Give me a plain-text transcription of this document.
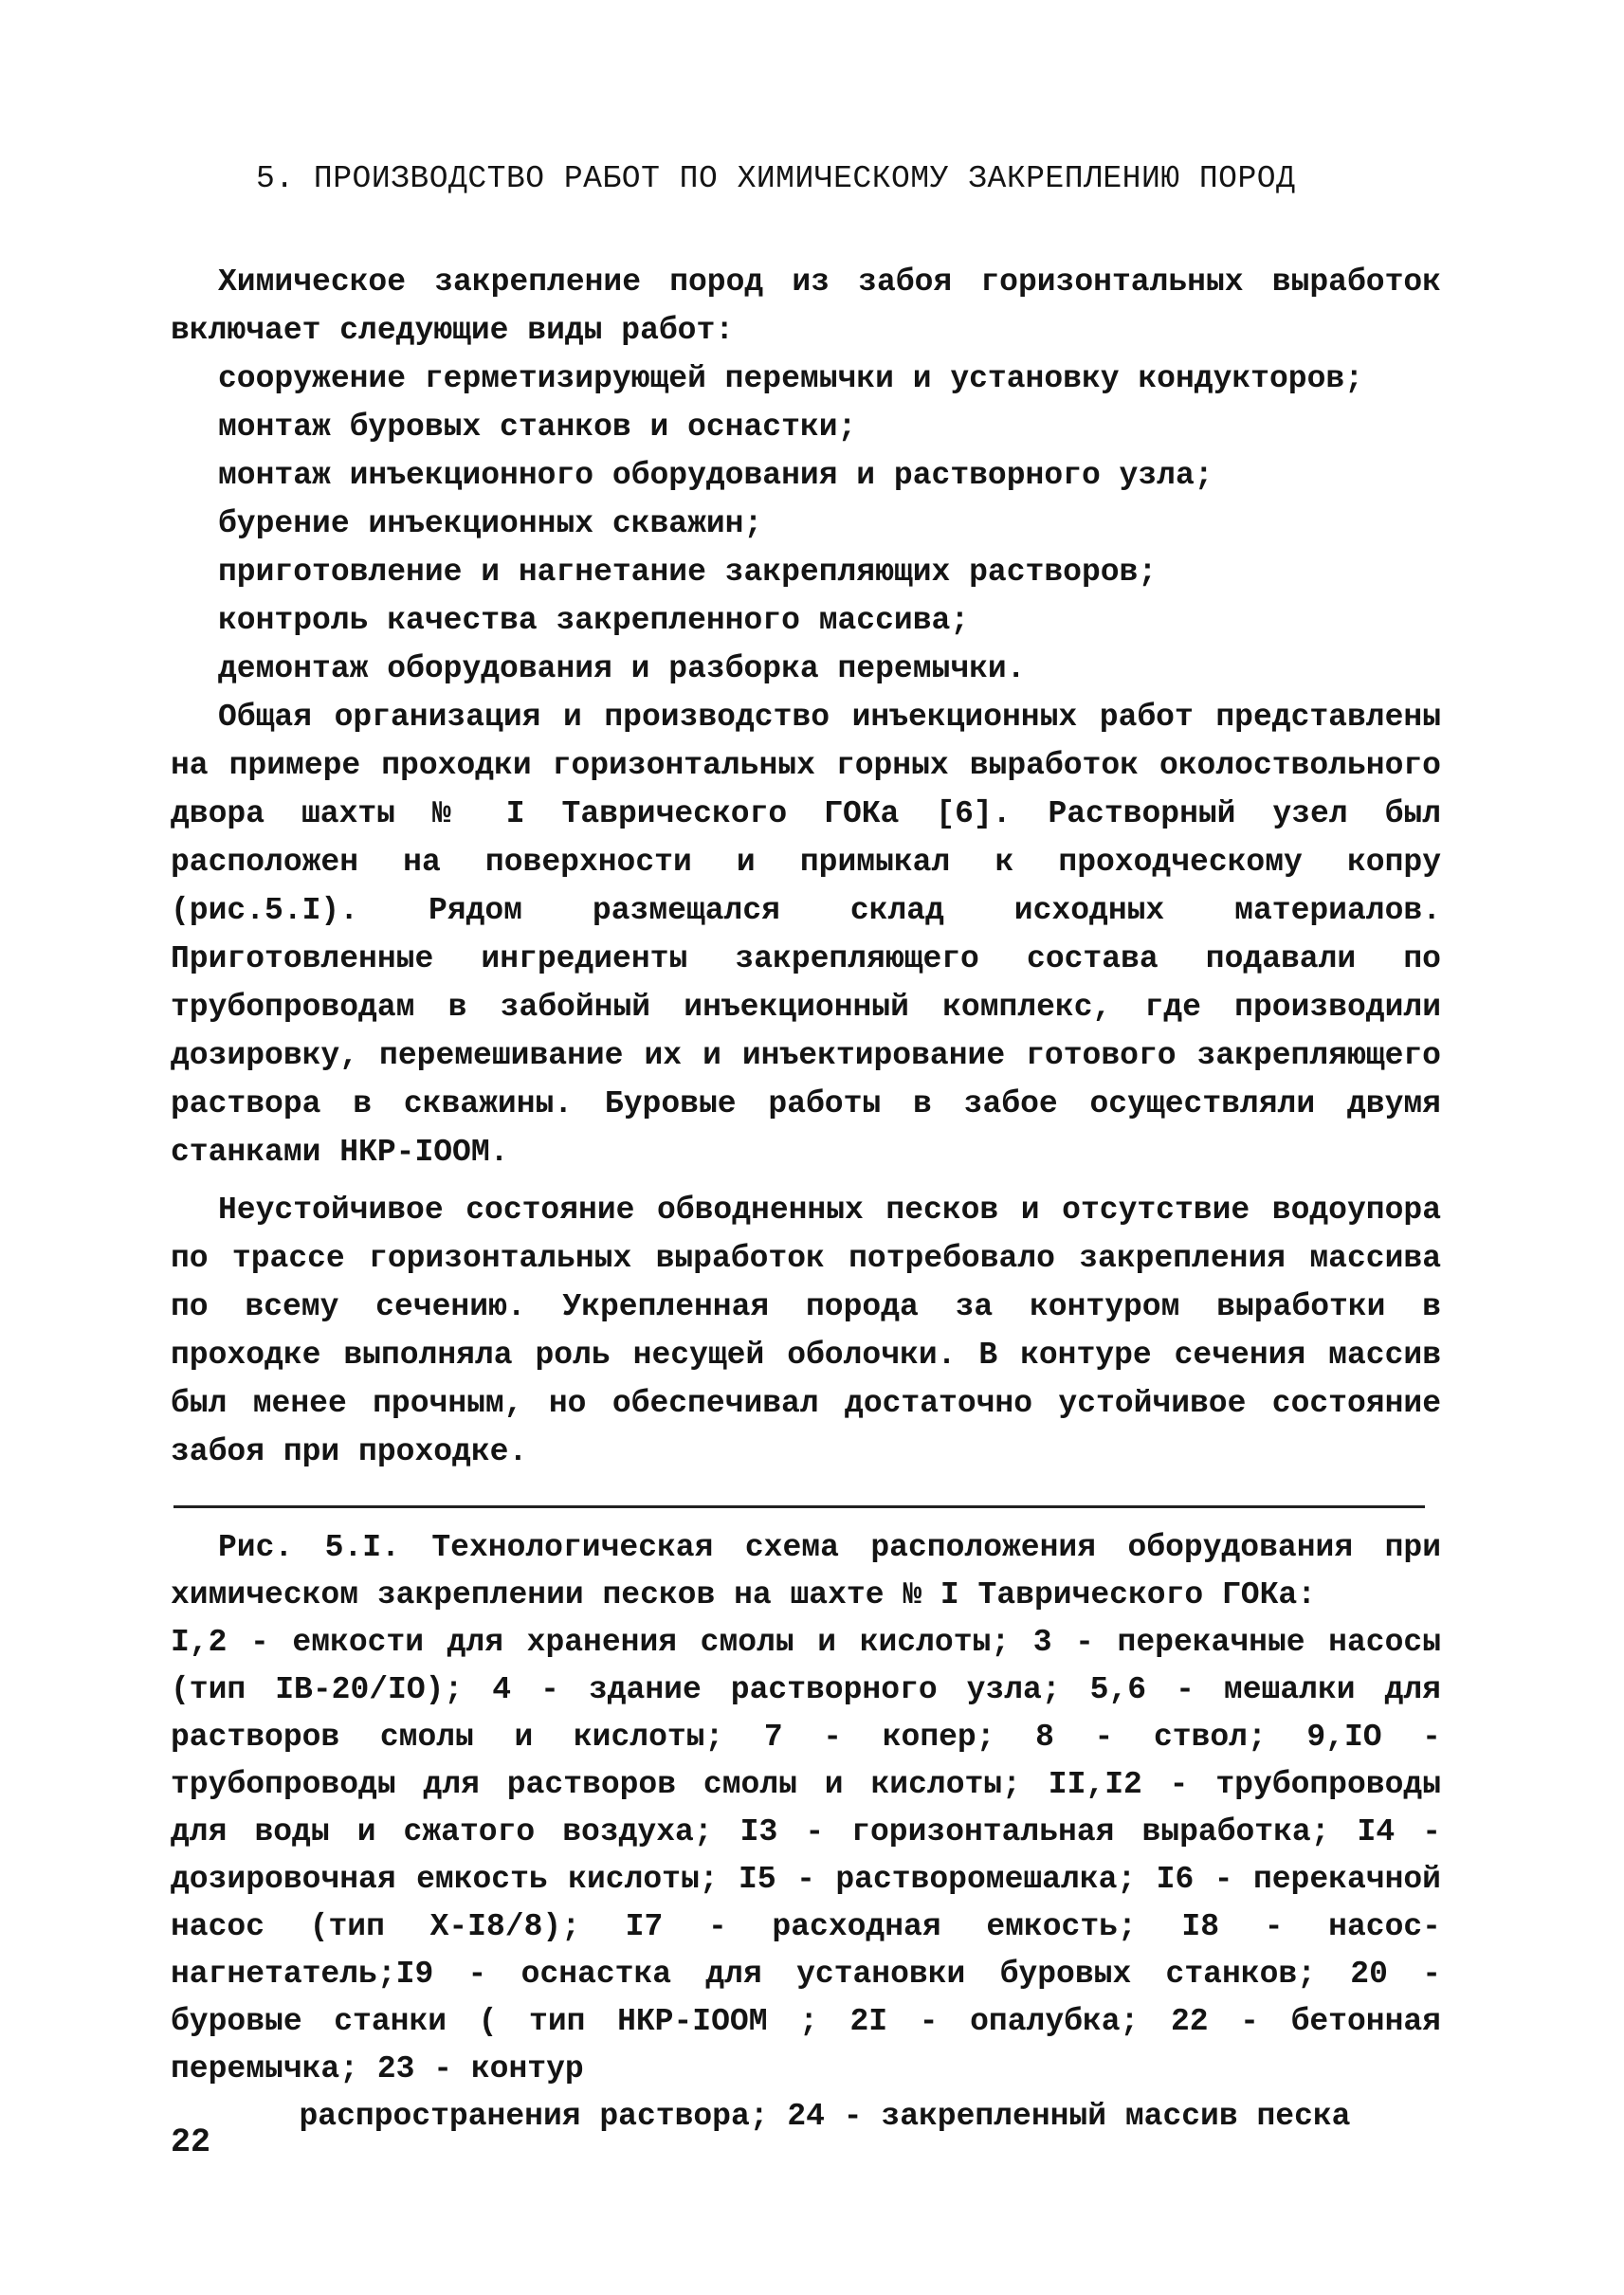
5. ПРОИЗВОДСТВО РАБОТ ПО ХИМИЧЕСКОМУ ЗАКРЕПЛЕНИЮ ПОРОД

Химическое закрепление пород из забоя горизонтальных выработок включает следующие виды работ:

сооружение герметизирующей перемычки и установку кондукторов;

монтаж буровых станков и оснастки;

монтаж инъекционного оборудования и растворного узла;

бурение инъекционных скважин;

приготовление и нагнетание закрепляющих растворов;

контроль качества закрепленного массива;

демонтаж оборудования и разборка перемычки.

Общая организация и производство инъекционных работ представлены на примере проходки горизонтальных горных выработок околоствольного двора шахты № I Таврического ГОКа [6]. Растворный узел был расположен на поверхности и примыкал к проходческому копру (рис.5.I). Рядом размещался склад исходных материалов. Приготовленные ингредиенты закрепляющего состава подавали по трубопроводам в забойный инъекционный комплекс, где производили дозировку, перемешивание их и инъектирование готового закрепляющего раствора в скважины. Буровые работы в забое осуществляли двумя станками НКР-IOOM.

Неустойчивое состояние обводненных песков и отсутствие водоупора по трассе горизонтальных выработок потребовало закрепления массива по всему сечению. Укрепленная порода за контуром выработки в проходке выполняла роль несущей оболочки. В контуре сечения массив был менее прочным, но обеспечивал достаточно устойчивое состояние забоя при проходке.

Рис. 5.I. Технологическая схема расположения оборудования при химическом закреплении песков на шахте № I Таврического ГОКа:

I,2 - емкости для хранения смолы и кислоты; 3 - перекачные насосы (тип IB-20/IO); 4 - здание растворного узла; 5,6 - мешалки для растворов смолы и кислоты; 7 - копер; 8 - ствол; 9,IO - трубопроводы для растворов смолы и кислоты; II,I2 - трубопроводы для воды и сжатого воздуха; I3 - горизонтальная выработка; I4 - дозировочная емкость кислоты; I5 - растворомешалка; I6 - перекачной насос (тип Х-I8/8); I7 - расходная емкость; I8 - насос-нагнетатель;I9 - оснастка для установки буровых станков; 20 - буровые станки ( тип НКР-IOOM ; 2I - опалубка; 22 - бетонная перемычка; 23 - контур

распространения раствора; 24 - закрепленный массив песка

22
